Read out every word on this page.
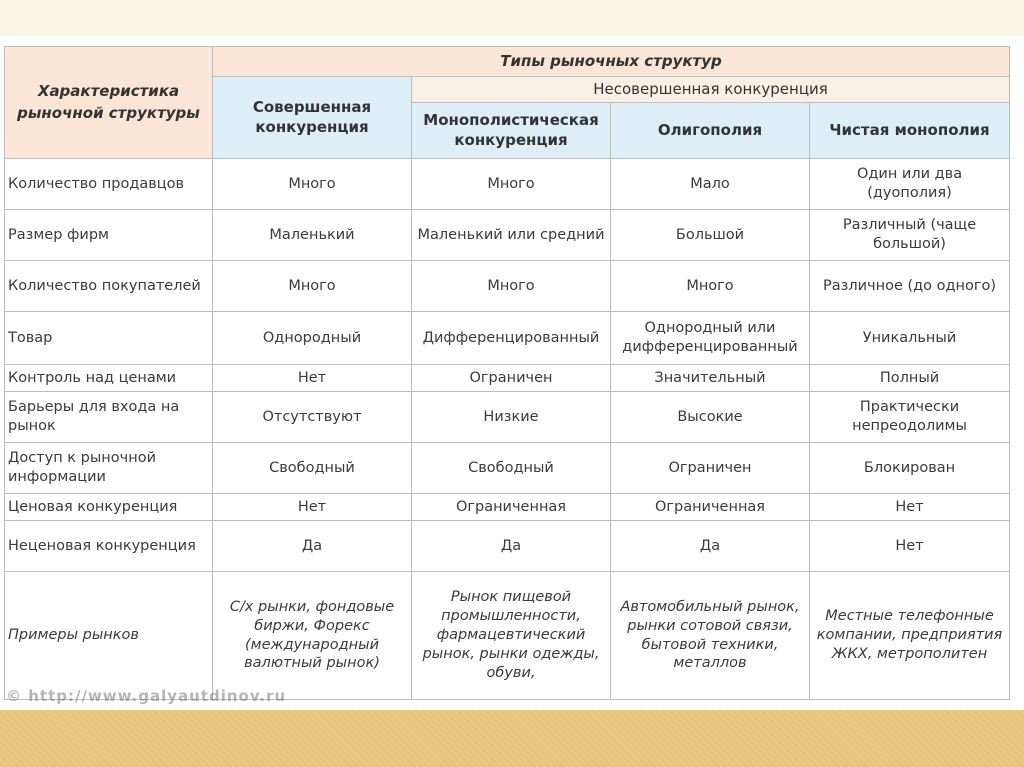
Характеристика рыночной структуры	Типы рыночных структур			
	Совершенная конкуренция	Несовершенная конкуренция		
		Монополистическая конкуренция	Олигополия	Чистая монополия
Количество продавцов	Много	Много	Мало	Один или два (дуополия)
Размер фирм	Маленький	Маленький или средний	Большой	Различный (чаще большой)
Количество покупателей	Много	Много	Много	Различное (до одного)
Товар	Однородный	Дифференцированный	Однородный или дифференцированный	Уникальный
Контроль над ценами	Нет	Ограничен	Значительный	Полный
Барьеры для входа на рынок	Отсутствуют	Низкие	Высокие	Практически непреодолимы
Доступ к рыночной информации	Свободный	Свободный	Ограничен	Блокирован
Ценовая конкуренция	Нет	Ограниченная	Ограниченная	Нет
Неценовая конкуренция	Да	Да	Да	Нет
Примеры рынков	С/х рынки, фондовые биржи, Форекс (международный валютный рынок)	Рынок пищевой промышленности, фармацевтический рынок, рынки одежды, обуви,	Автомобильный рынок, рынки сотовой связи, бытовой техники, металлов	Местные телефонные компании, предприятия ЖКХ, метрополитен
© http://www.galyautdinov.ru
